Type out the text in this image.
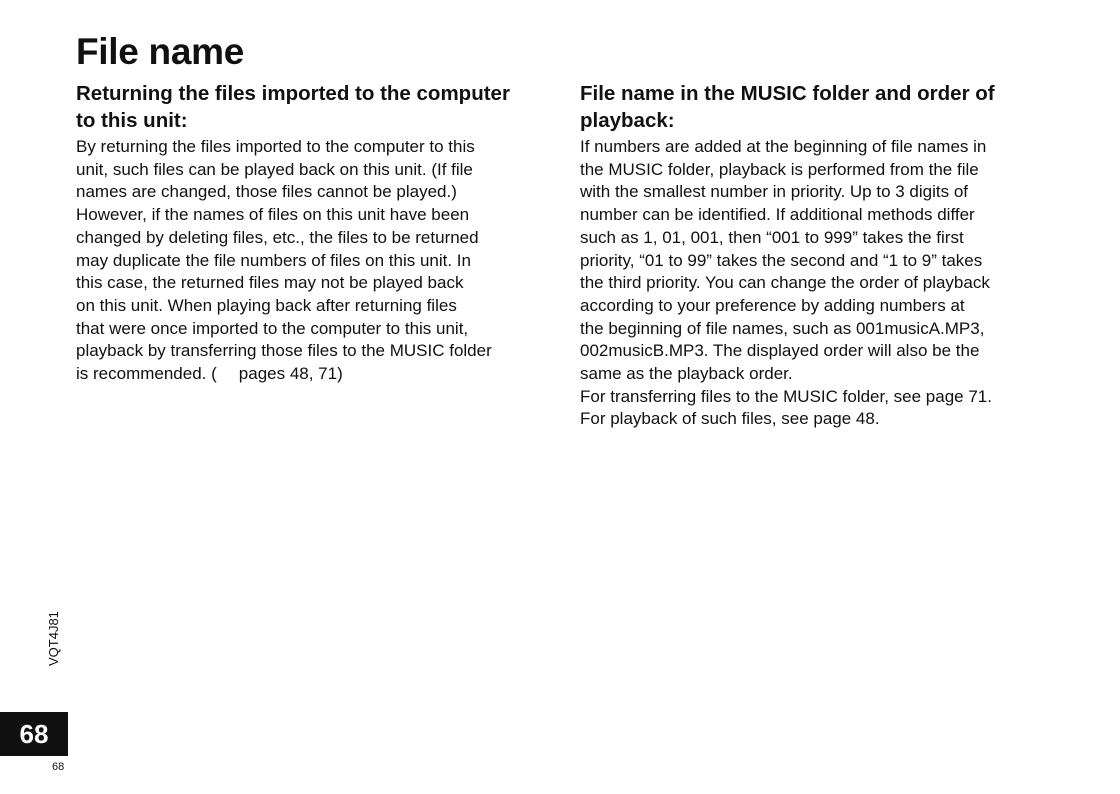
File name
Returning the files imported to the computer
to this unit:

By returning the files imported to the computer to this
unit, such files can be played back on this unit. (If file
names are changed, those files cannot be played.)
However, if the names of files on this unit have been
changed by deleting files, etc., the files to be returned
may duplicate the file numbers of files on this unit. In
this case, the returned files may not be played back
on this unit. When playing back after returning files
that were once imported to the computer to this unit,
playback by transferring those files to the MUSIC folder
is recommended. ( pages 48, 71)

File name in the MUSIC folder and order of
playback:

If numbers are added at the beginning of file names in
the MUSIC folder, playback is performed from the file
with the smallest number in priority. Up to 3 digits of
number can be identified. If additional methods differ
such as 1, 01, 001, then “001 to 999” takes the first
priority, “01 to 99” takes the second and “1 to 9” takes
the third priority. You can change the order of playback
according to your preference by adding numbers at
the beginning of file names, such as 001musicA.MP3,
002musicB.MP3. The displayed order will also be the
same as the playback order.
For transferring files to the MUSIC folder, see page 71.
For playback of such files, see page 48.

VQT4J81
68
68
